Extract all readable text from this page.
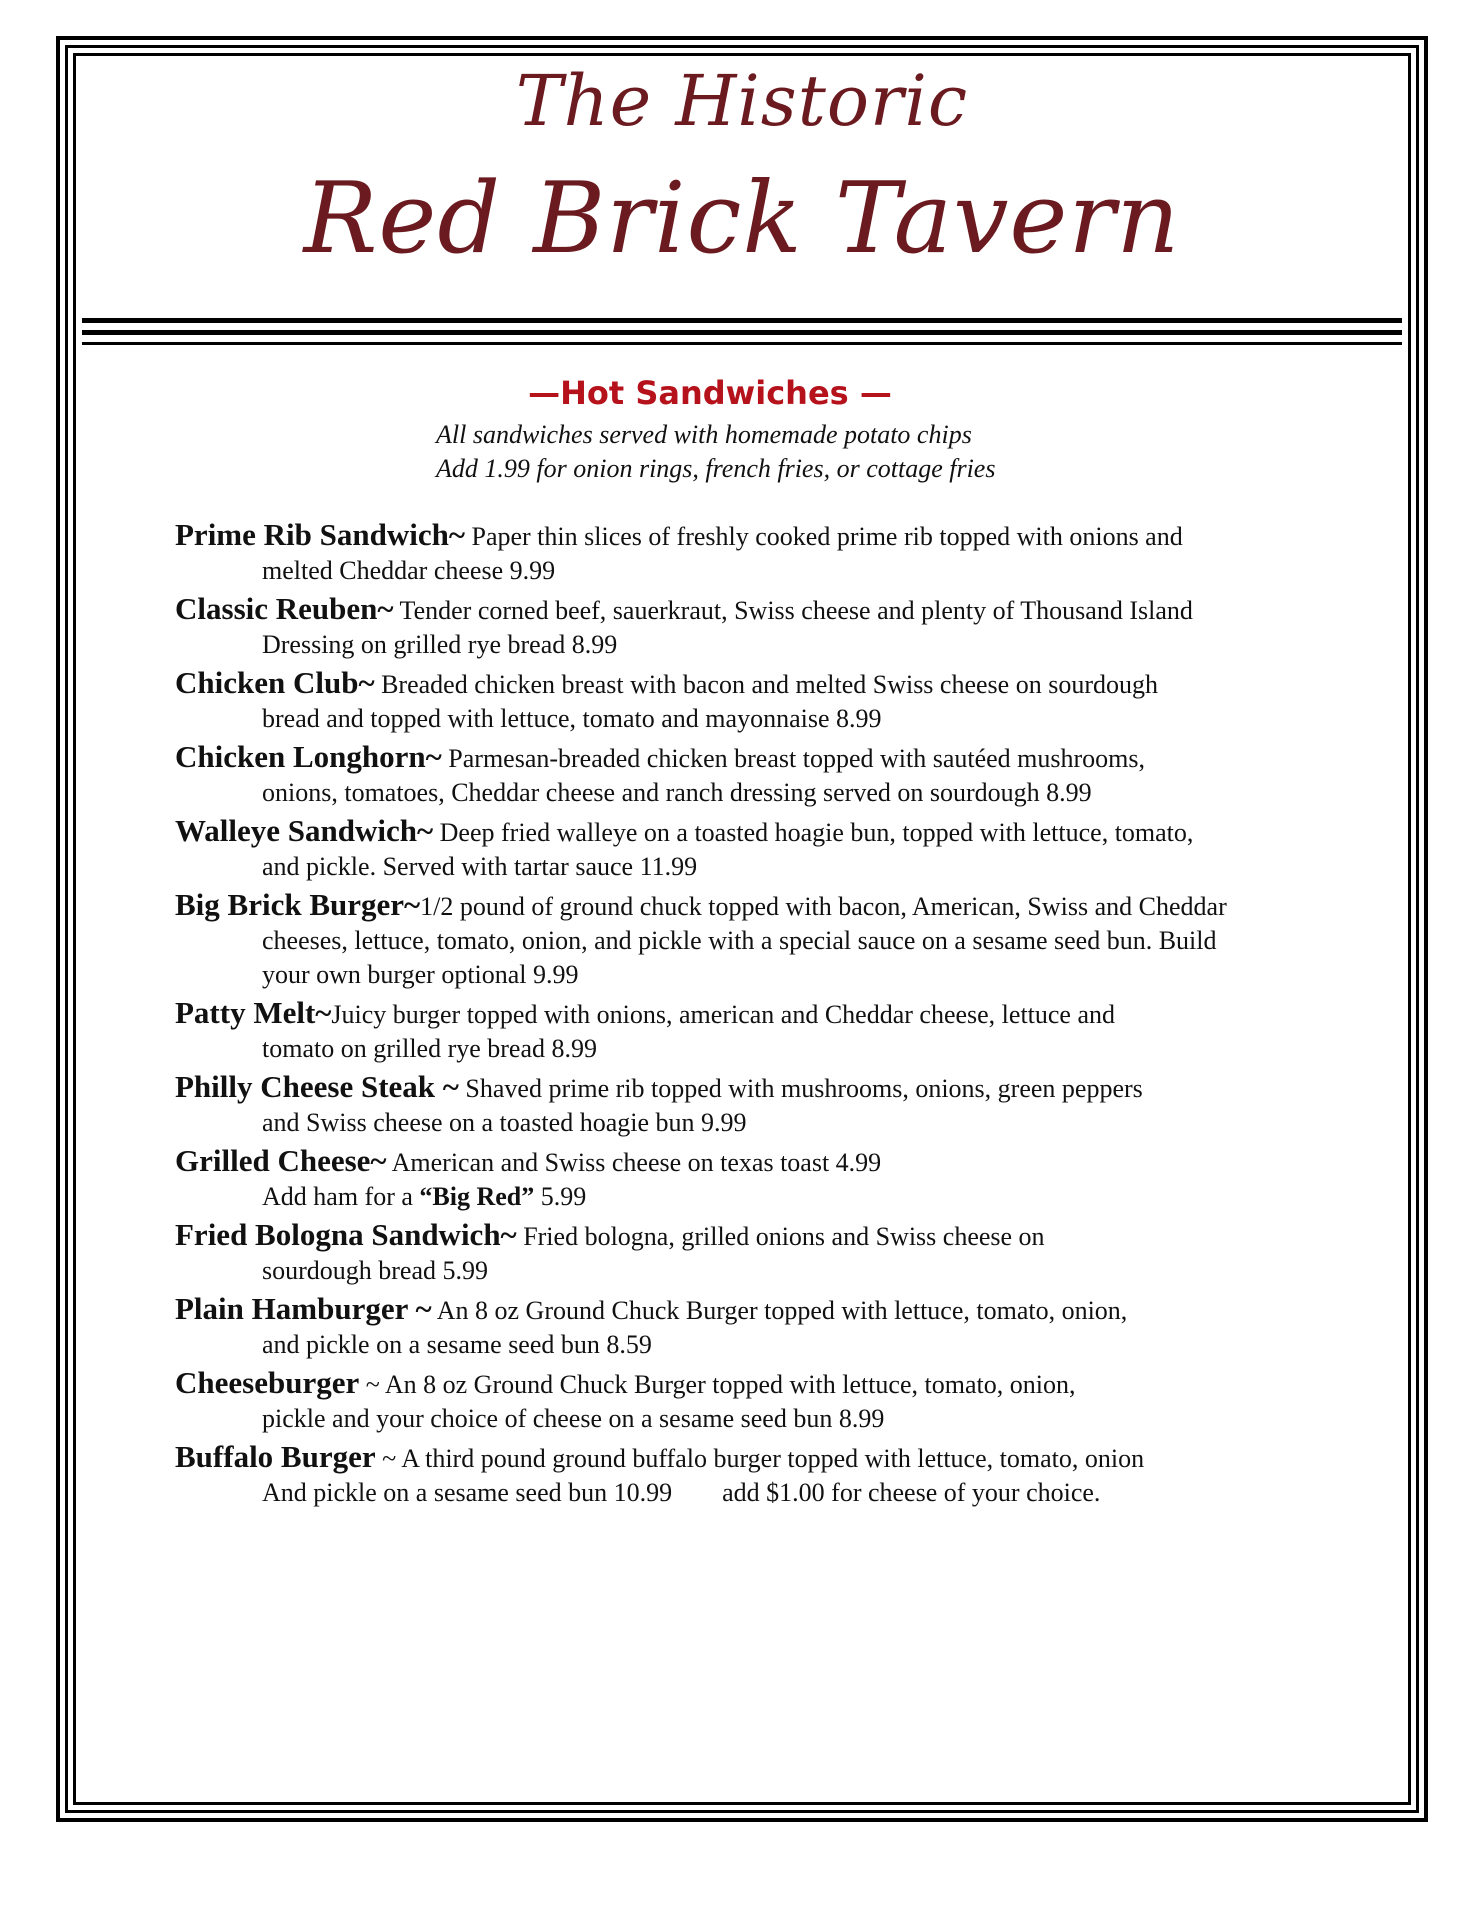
The Historic
Red Brick Tavern
—Hot Sandwiches —
All sandwiches served with homemade potato chips
Add 1.99 for onion rings, french fries, or cottage fries
Prime Rib Sandwich~ Paper thin slices of freshly cooked prime rib topped with onions and
melted Cheddar cheese 9.99
Classic Reuben~ Tender corned beef, sauerkraut, Swiss cheese and plenty of Thousand Island
Dressing on grilled rye bread 8.99
Chicken Club~ Breaded chicken breast with bacon and melted Swiss cheese on sourdough
bread and topped with lettuce, tomato and mayonnaise 8.99
Chicken Longhorn~ Parmesan-breaded chicken breast topped with sautéed mushrooms,
onions, tomatoes, Cheddar cheese and ranch dressing served on sourdough 8.99
Walleye Sandwich~ Deep fried walleye on a toasted hoagie bun, topped with lettuce, tomato,
and pickle. Served with tartar sauce 11.99
Big Brick Burger~1/2 pound of ground chuck topped with bacon, American, Swiss and Cheddar
cheeses, lettuce, tomato, onion, and pickle with a special sauce on a sesame seed bun. Build
your own burger optional 9.99
Patty Melt~Juicy burger topped with onions, american and Cheddar cheese, lettuce and
tomato on grilled rye bread 8.99
Philly Cheese Steak ~ Shaved prime rib topped with mushrooms, onions, green peppers
and Swiss cheese on a toasted hoagie bun 9.99
Grilled Cheese~ American and Swiss cheese on texas toast 4.99
Add ham for a “Big Red” 5.99
Fried Bologna Sandwich~ Fried bologna, grilled onions and Swiss cheese on
sourdough bread 5.99
Plain Hamburger ~ An 8 oz Ground Chuck Burger topped with lettuce, tomato, onion,
and pickle on a sesame seed bun 8.59
Cheeseburger ~ An 8 oz Ground Chuck Burger topped with lettuce, tomato, onion,
pickle and your choice of cheese on a sesame seed bun 8.99
Buffalo Burger ~ A third pound ground buffalo burger topped with lettuce, tomato, onion
And pickle on a sesame seed bun 10.99 add $1.00 for cheese of your choice.
